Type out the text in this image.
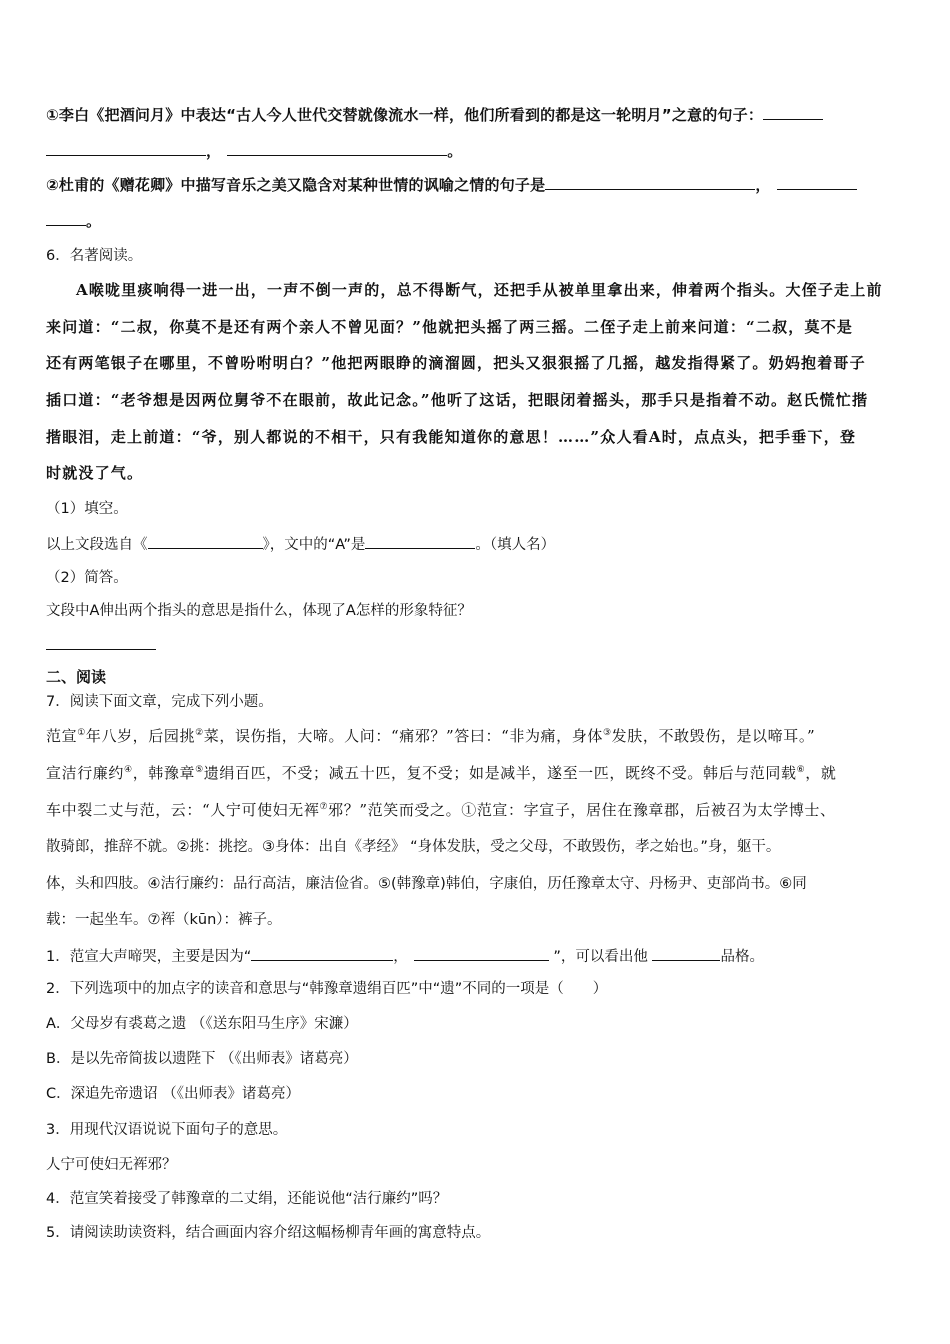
①李白《把酒问月》中表达“古人今人世代交替就像流水一样，他们所看到的都是这一轮明月”之意的句子：
，	。
②杜甫的《赠花卿》中描写音乐之美又隐含对某种世情的讽喻之情的句子是	，
。
6．名著阅读。
A喉咙里痰响得一进一出，一声不倒一声的，总不得断气，还把手从被单里拿出来，伸着两个指头。大侄子走上前
来问道：“二叔，你莫不是还有两个亲人不曾见面？”他就把头摇了两三摇。二侄子走上前来问道：“二叔，莫不是
还有两笔银子在哪里，不曾吩咐明白？”他把两眼睁的滴溜圆，把头又狠狠摇了几摇，越发指得紧了。奶妈抱着哥子
插口道：“老爷想是因两位舅爷不在眼前，故此记念。”他听了这话，把眼闭着摇头，那手只是指着不动。赵氏慌忙揩
揩眼泪，走上前道：“爷，别人都说的不相干，只有我能知道你的意思！……”众人看A时，点点头，把手垂下，登
时就没了气。
（1）填空。
以上文段选自《	》，文中的“A”是	。（填人名）
（2）简答。
文段中A伸出两个指头的意思是指什么，体现了A怎样的形象特征？
二、阅读
7．阅读下面文章，完成下列小题。
范宣①年八岁，后园挑②菜，误伤指，大啼。人问：“痛邪？”答曰：“非为痛，身体③发肤，不敢毁伤，是以啼耳。”
宣洁行廉约④，韩豫章⑤遗绢百匹，不受；减五十匹，复不受；如是减半，遂至一匹，既终不受。韩后与范同载⑥，就
车中裂二丈与范，云：“人宁可使妇无裈⑦邪？”范笑而受之。①范宣：字宣子，居住在豫章郡，后被召为太学博士、
散骑郎，推辞不就。②挑：挑挖。③身体：出自《孝经》 “身体发肤，受之父母，不敢毁伤，孝之始也。”身，躯干。
体，头和四肢。④洁行廉约：品行高洁，廉洁俭省。⑤(韩豫章)韩伯，字康伯，历任豫章太守、丹杨尹、吏部尚书。⑥同
载：一起坐车。⑦裈（kūn）：裤子。
1．范宣大声啼哭，主要是因为“	，	”，可以看出他	品格。
2．下列选项中的加点字的读音和意思与“韩豫章遗绢百匹”中“遗”不同的一项是（　　）
A．父母岁有裘葛之遗 （《送东阳马生序》宋濂）
B．是以先帝简拔以遗陛下 （《出师表》诸葛亮）
C．深追先帝遗诏 （《出师表》诸葛亮）
3．用现代汉语说说下面句子的意思。
人宁可使妇无裈邪？
4．范宣笑着接受了韩豫章的二丈绢，还能说他“洁行廉约”吗？
5．请阅读助读资料，结合画面内容介绍这幅杨柳青年画的寓意特点。
